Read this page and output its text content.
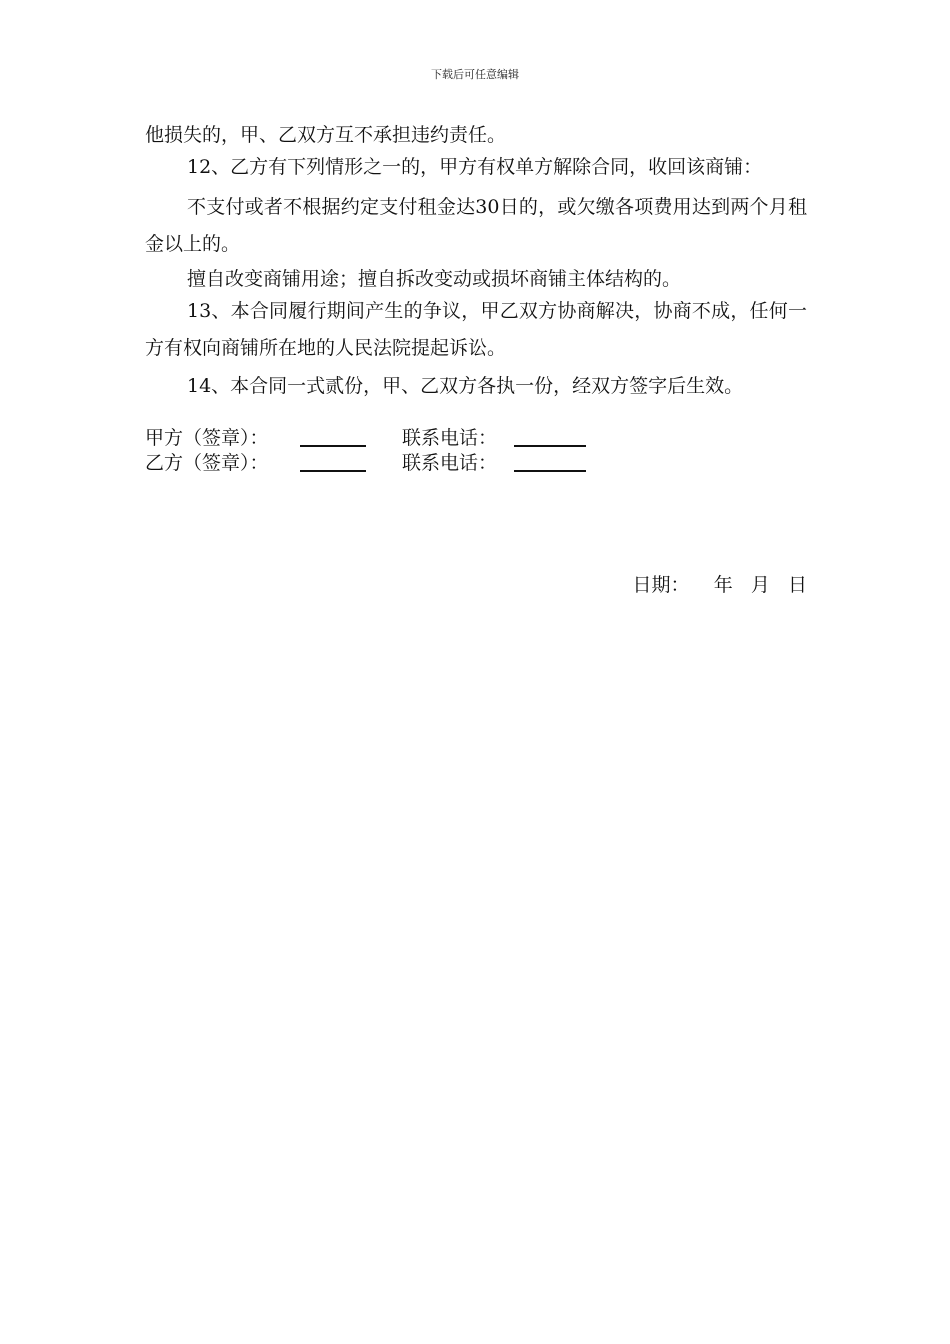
下载后可任意编辑

他损失的，甲、乙双方互不承担违约责任。

12、乙方有下列情形之一的，甲方有权单方解除合同，收回该商铺：

不支付或者不根据约定支付租金达30日的，或欠缴各项费用达到两个月租金以上的。

擅自改变商铺用途；擅自拆改变动或损坏商铺主体结构的。

13、本合同履行期间产生的争议，甲乙双方协商解决，协商不成，任何一方有权向商铺所在地的人民法院提起诉讼。

14、本合同一式贰份，甲、乙双方各执一份，经双方签字后生效。

甲方（签章）：	联系电话：
乙方（签章）：	联系电话：
日期： 年 月 日
